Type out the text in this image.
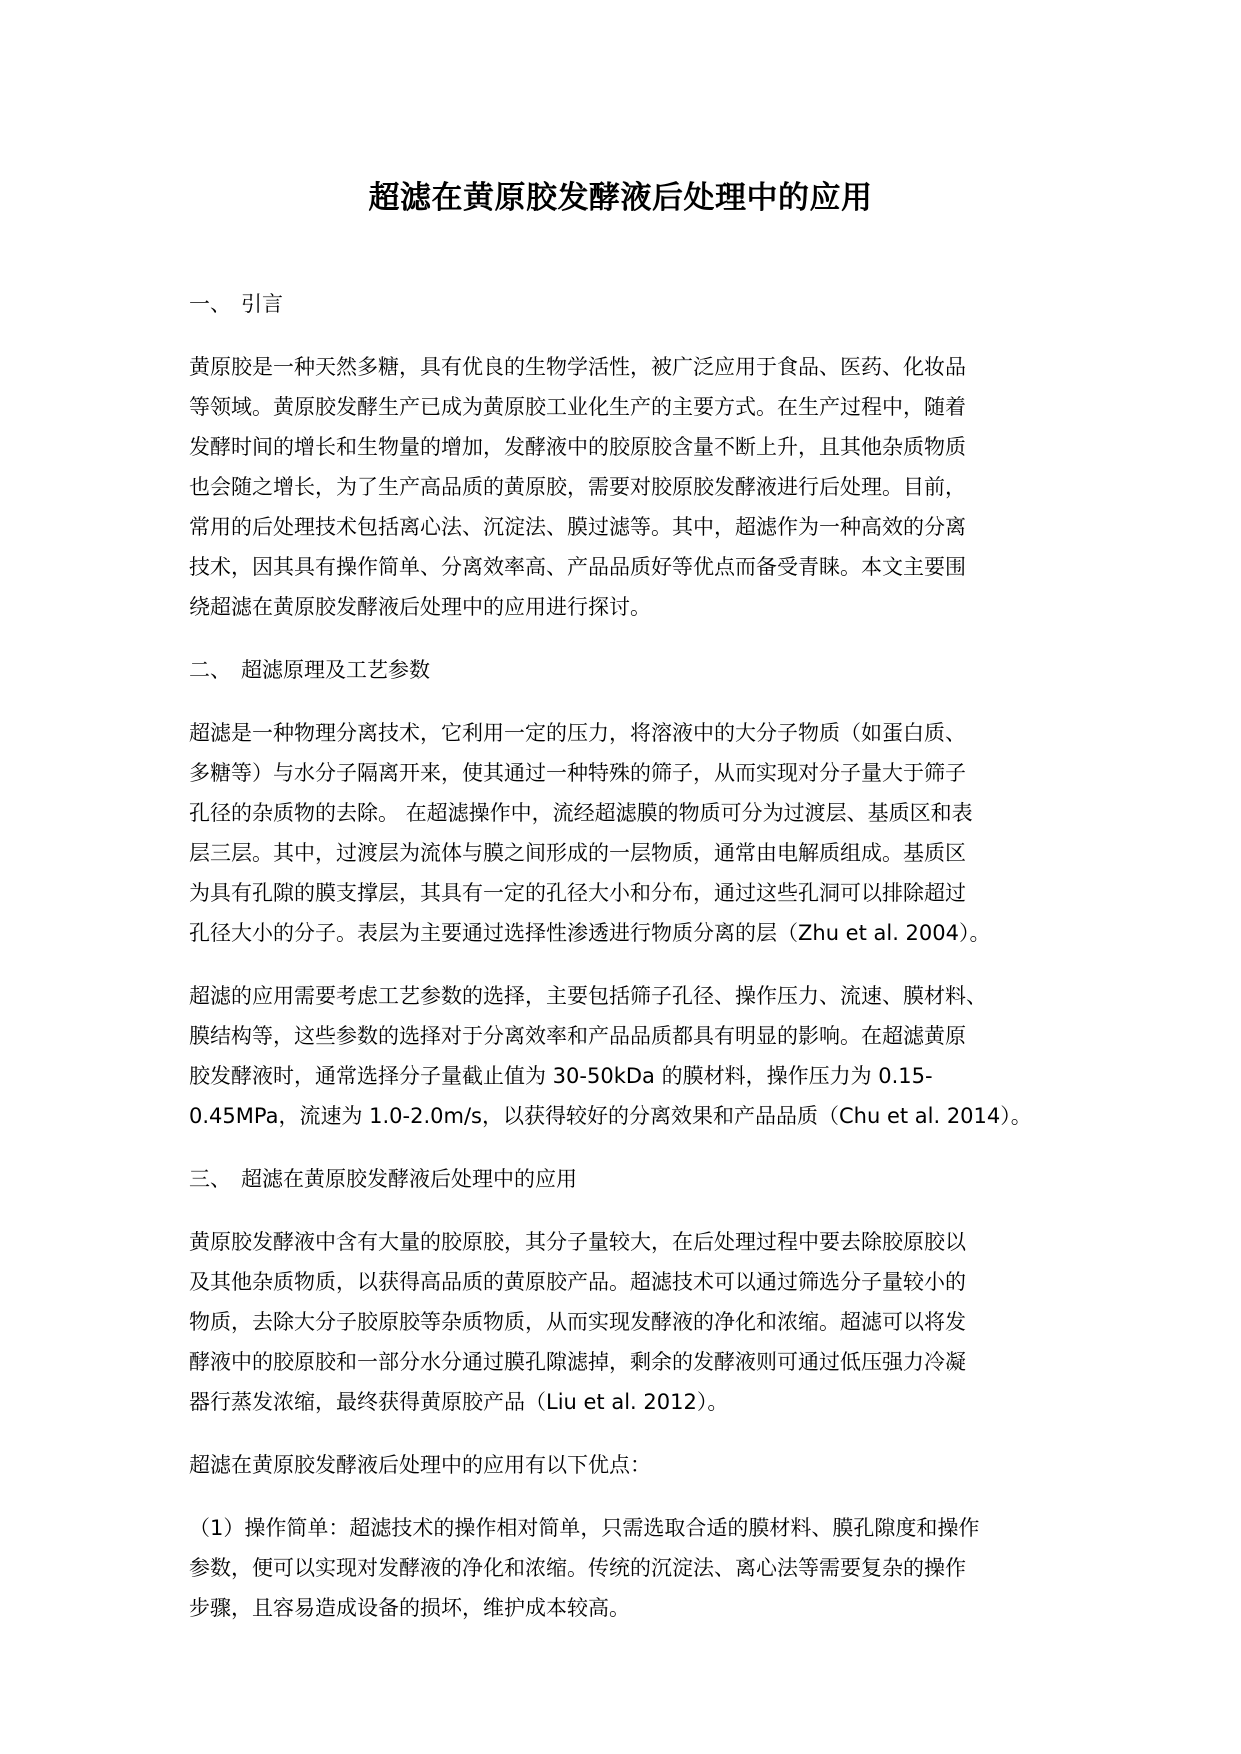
超滤在黄原胶发酵液后处理中的应用
一、 引言
黄原胶是一种天然多糖，具有优良的生物学活性，被广泛应用于食品、医药、化妆品
等领域。黄原胶发酵生产已成为黄原胶工业化生产的主要方式。在生产过程中，随着
发酵时间的增长和生物量的增加，发酵液中的胶原胶含量不断上升，且其他杂质物质
也会随之增长，为了生产高品质的黄原胶，需要对胶原胶发酵液进行后处理。目前，
常用的后处理技术包括离心法、沉淀法、膜过滤等。其中，超滤作为一种高效的分离
技术，因其具有操作简单、分离效率高、产品品质好等优点而备受青睐。本文主要围
绕超滤在黄原胶发酵液后处理中的应用进行探讨。
二、 超滤原理及工艺参数
超滤是一种物理分离技术，它利用一定的压力，将溶液中的大分子物质（如蛋白质、
多糖等）与水分子隔离开来，使其通过一种特殊的筛子，从而实现对分子量大于筛子
孔径的杂质物的去除。 在超滤操作中，流经超滤膜的物质可分为过渡层、基质区和表
层三层。其中，过渡层为流体与膜之间形成的一层物质，通常由电解质组成。基质区
为具有孔隙的膜支撑层，其具有一定的孔径大小和分布，通过这些孔洞可以排除超过
孔径大小的分子。表层为主要通过选择性渗透进行物质分离的层（Zhu et al. 2004）。
超滤的应用需要考虑工艺参数的选择，主要包括筛子孔径、操作压力、流速、膜材料、
膜结构等，这些参数的选择对于分离效率和产品品质都具有明显的影响。在超滤黄原
胶发酵液时，通常选择分子量截止值为 30-50kDa 的膜材料，操作压力为 0.15-
0.45MPa，流速为 1.0-2.0m/s，以获得较好的分离效果和产品品质（Chu et al. 2014）。
三、 超滤在黄原胶发酵液后处理中的应用
黄原胶发酵液中含有大量的胶原胶，其分子量较大，在后处理过程中要去除胶原胶以
及其他杂质物质，以获得高品质的黄原胶产品。超滤技术可以通过筛选分子量较小的
物质，去除大分子胶原胶等杂质物质，从而实现发酵液的净化和浓缩。超滤可以将发
酵液中的胶原胶和一部分水分通过膜孔隙滤掉，剩余的发酵液则可通过低压强力冷凝
器行蒸发浓缩，最终获得黄原胶产品（Liu et al. 2012）。
超滤在黄原胶发酵液后处理中的应用有以下优点：
（1）操作简单：超滤技术的操作相对简单，只需选取合适的膜材料、膜孔隙度和操作
参数，便可以实现对发酵液的净化和浓缩。传统的沉淀法、离心法等需要复杂的操作
步骤，且容易造成设备的损坏，维护成本较高。
